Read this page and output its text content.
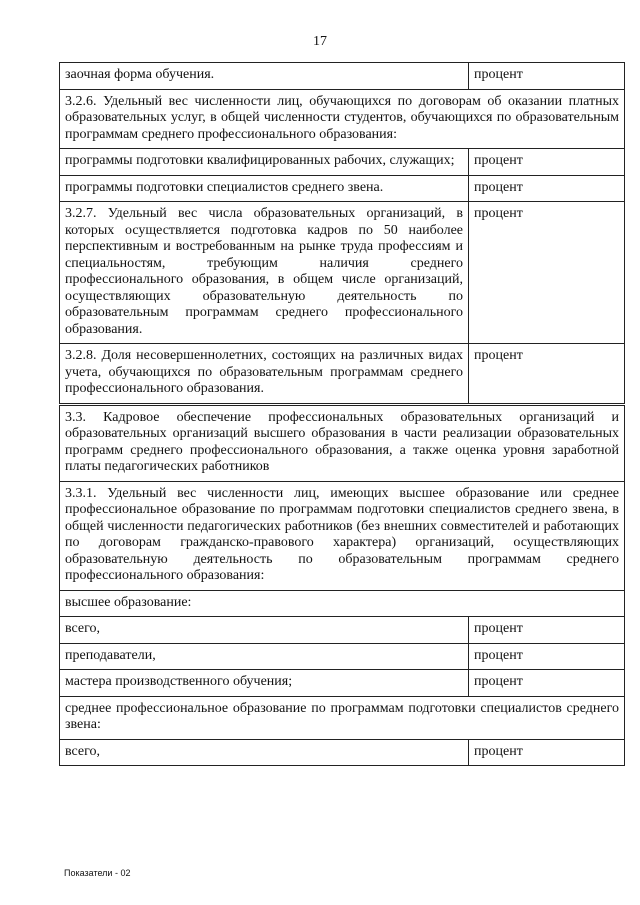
17
заочная форма обучения.	процент
3.2.6. Удельный вес численности лиц, обучающихся по договорам об оказании платных образовательных услуг, в общей численности студентов, обучающихся по образовательным программам среднего профессионального образования:	
программы подготовки квалифицированных рабочих, служащих;	процент
программы подготовки специалистов среднего звена.	процент
3.2.7. Удельный вес числа образовательных организаций, в которых осуществляется подготовка кадров по 50 наиболее перспективным и востребованным на рынке труда профессиям и специальностям, требующим наличия среднего профессионального образования, в общем числе организаций, осуществляющих образовательную деятельность по образовательным программам среднего профессионального образования.	процент
3.2.8. Доля несовершеннолетних, состоящих на различных видах учета, обучающихся по образовательным программам среднего профессионального образования.	процент
3.3. Кадровое обеспечение профессиональных образовательных организаций и образовательных организаций высшего образования в части реализации образовательных программ среднего профессионального образования, а также оценка уровня заработной платы педагогических работников	
3.3.1. Удельный вес численности лиц, имеющих высшее образование или среднее профессиональное образование по программам подготовки специалистов среднего звена, в общей численности педагогических работников (без внешних совместителей и работающих по договорам гражданско-правового характера) организаций, осуществляющих образовательную деятельность по образовательным программам среднего профессионального образования:	
высшее образование:	
всего,	процент
преподаватели,	процент
мастера производственного обучения;	процент
среднее профессиональное образование по программам подготовки специалистов среднего звена:	
всего,	процент
Показатели - 02
